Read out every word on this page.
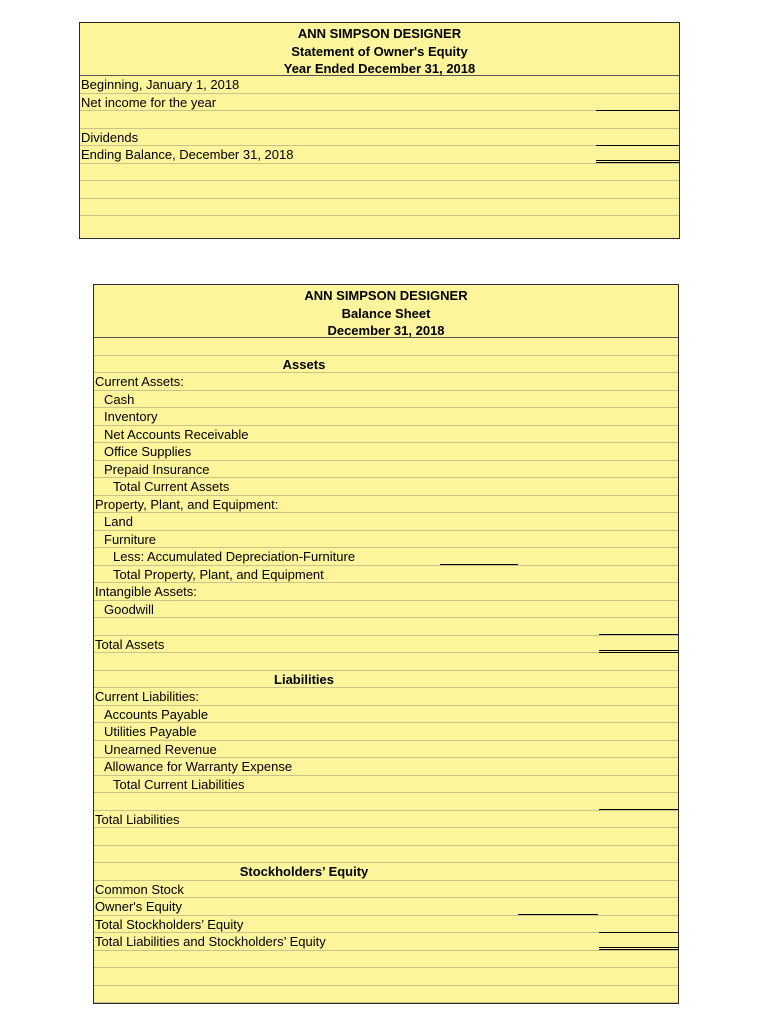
ANN SIMPSON DESIGNER
Statement of Owner's Equity
Year Ended December 31, 2018
Beginning, January 1, 2018
Net income for the year
Dividends
Ending Balance, December 31, 2018
ANN SIMPSON DESIGNER
Balance Sheet
December 31, 2018
Assets
Current Assets:
Cash
Inventory
Net Accounts Receivable
Office Supplies
Prepaid Insurance
Total Current Assets
Property, Plant, and Equipment:
Land
Furniture
Less: Accumulated Depreciation-Furniture
Total Property, Plant, and Equipment
Intangible Assets:
Goodwill
Total Assets
Liabilities
Current Liabilities:
Accounts Payable
Utilities Payable
Unearned Revenue
Allowance for Warranty Expense
Total Current Liabilities
Total Liabilities
Stockholders’ Equity
Common Stock
Owner's Equity
Total Stockholders’ Equity
Total Liabilities and Stockholders’ Equity
